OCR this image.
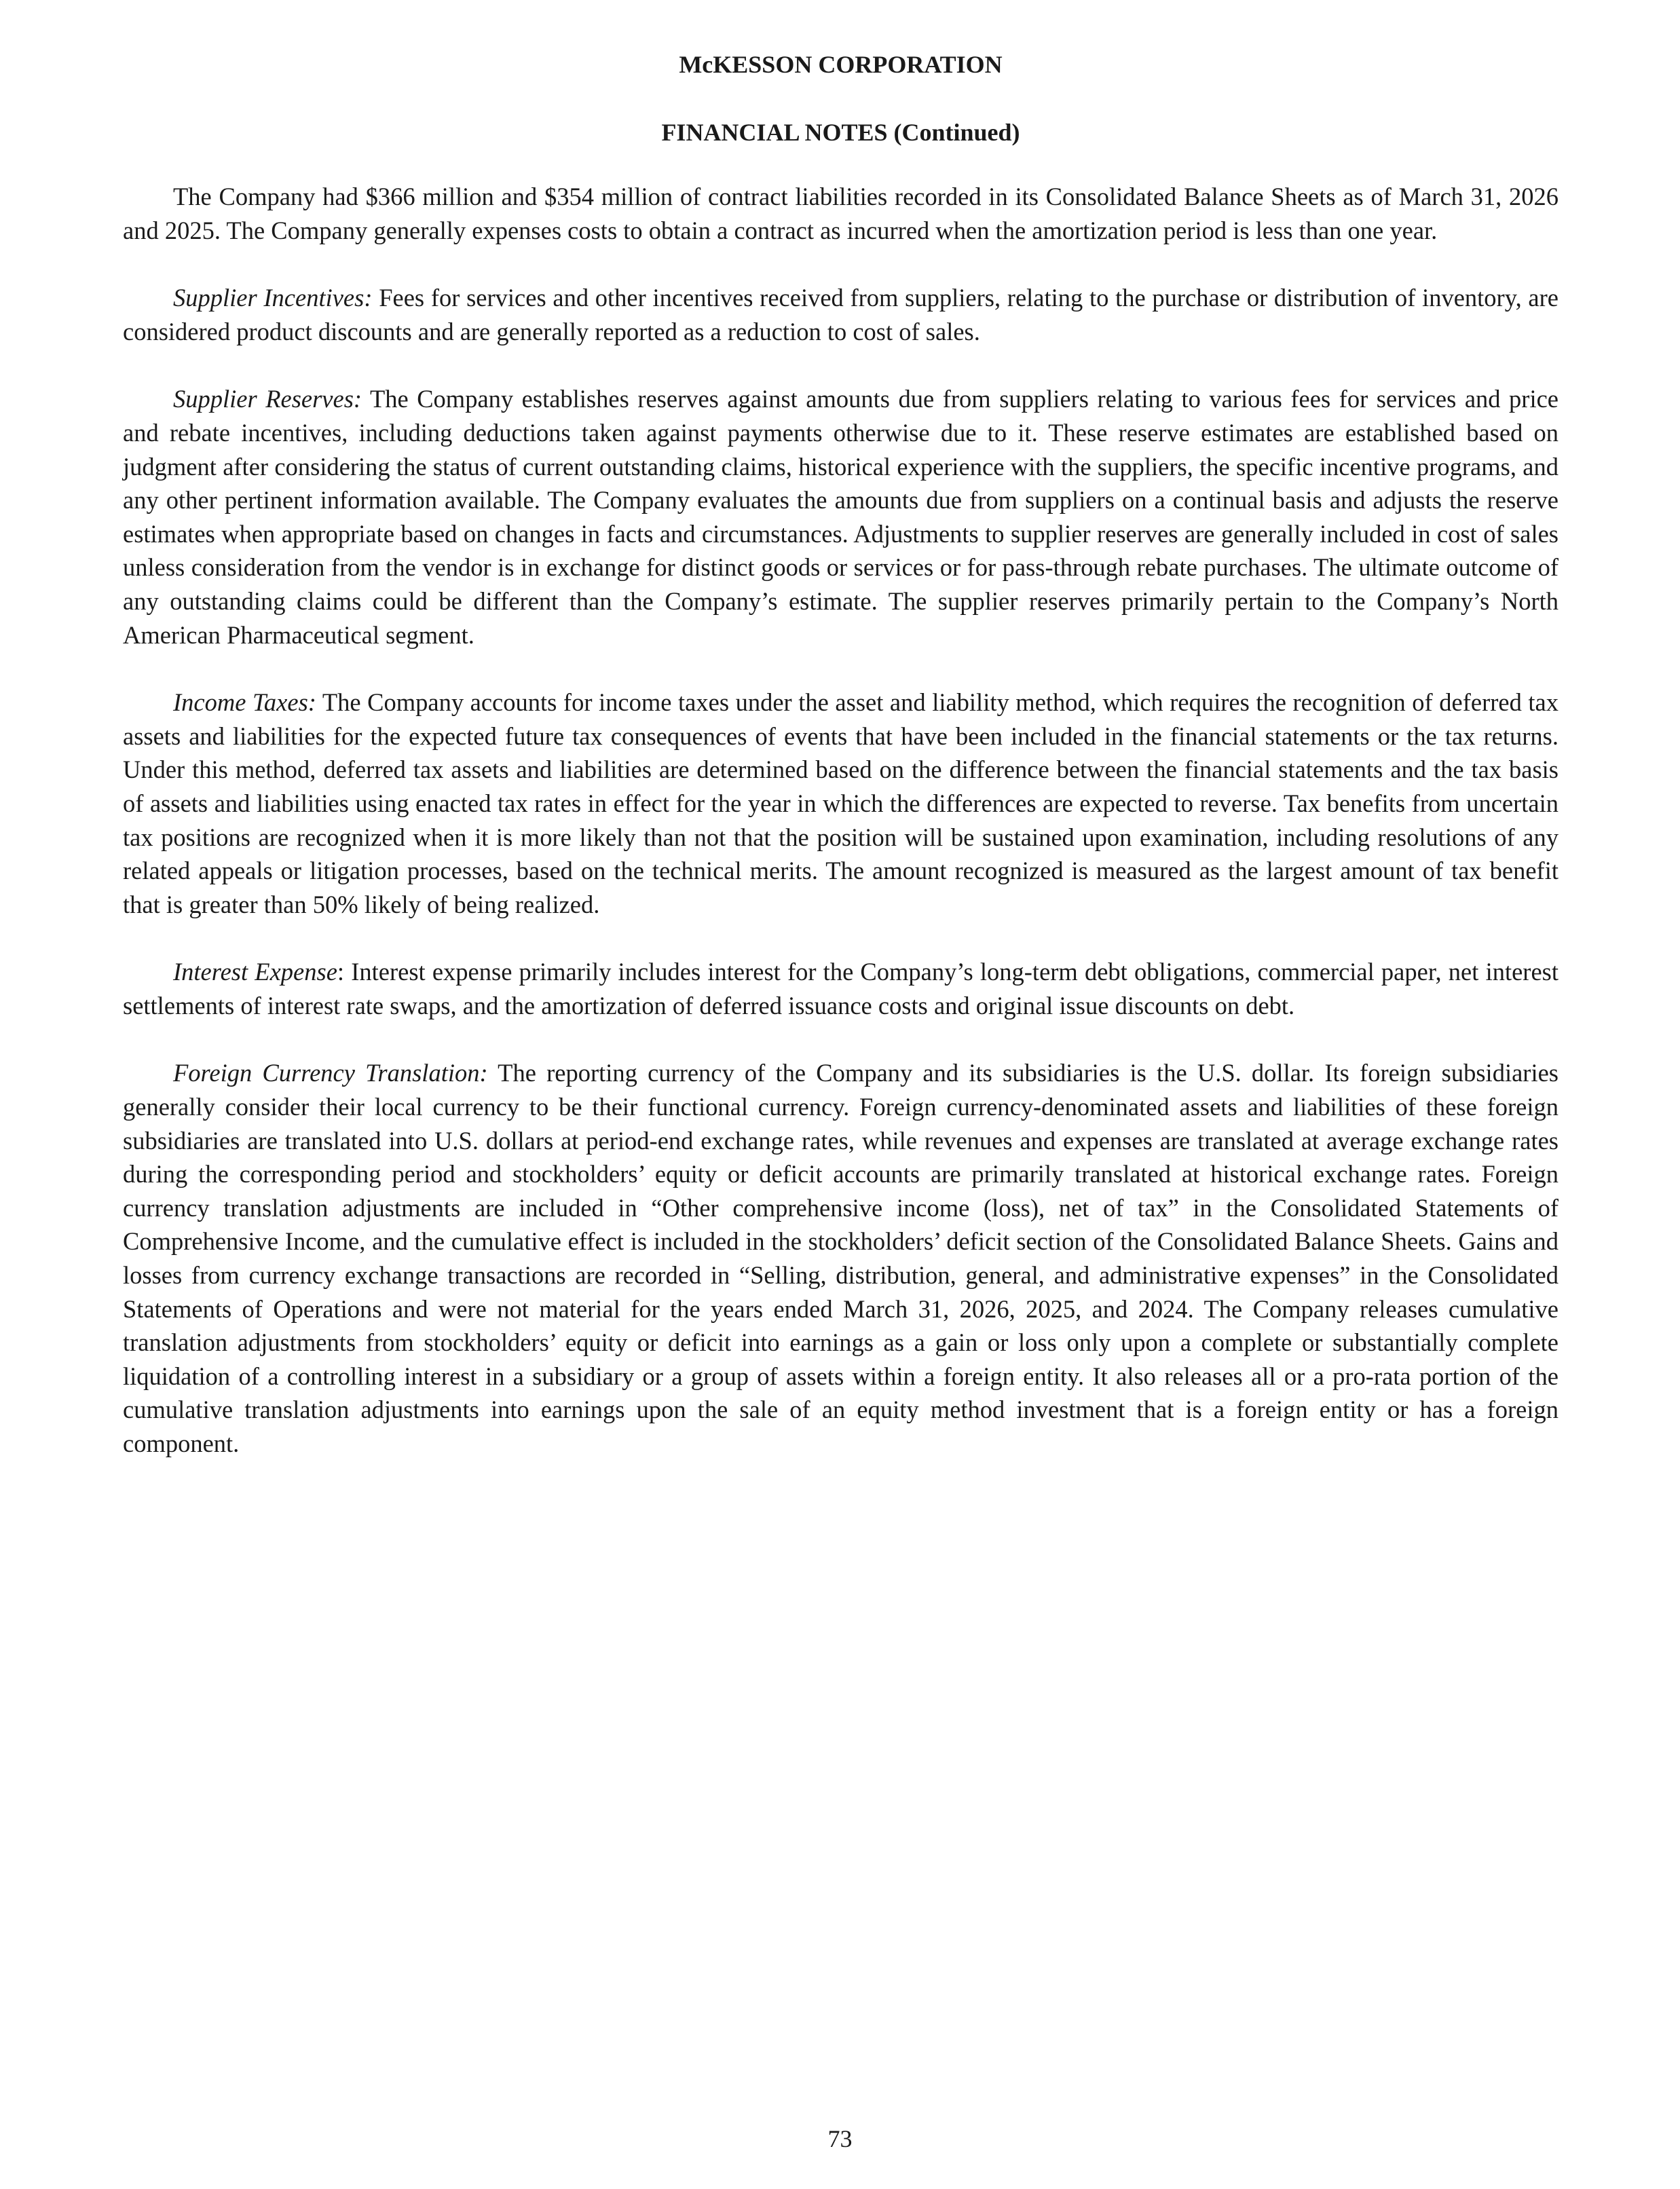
McKESSON CORPORATION
FINANCIAL NOTES (Continued)

The Company had $366 million and $354 million of contract liabilities recorded in its Consolidated Balance Sheets as of March 31, 2026 and 2025. The Company generally expenses costs to obtain a contract as incurred when the amortization period is less than one year.

Supplier Incentives: Fees for services and other incentives received from suppliers, relating to the purchase or distribution of inventory, are considered product discounts and are generally reported as a reduction to cost of sales.

Supplier Reserves: The Company establishes reserves against amounts due from suppliers relating to various fees for services and price and rebate incentives, including deductions taken against payments otherwise due to it. These reserve estimates are established based on judgment after considering the status of current outstanding claims, historical experience with the suppliers, the specific incentive programs, and any other pertinent information available. The Company evaluates the amounts due from suppliers on a continual basis and adjusts the reserve estimates when appropriate based on changes in facts and circumstances. Adjustments to supplier reserves are generally included in cost of sales unless consideration from the vendor is in exchange for distinct goods or services or for pass-through rebate purchases. The ultimate outcome of any outstanding claims could be different than the Company’s estimate. The supplier reserves primarily pertain to the Company’s North American Pharmaceutical segment.

Income Taxes: The Company accounts for income taxes under the asset and liability method, which requires the recognition of deferred tax assets and liabilities for the expected future tax consequences of events that have been included in the financial statements or the tax returns. Under this method, deferred tax assets and liabilities are determined based on the difference between the financial statements and the tax basis of assets and liabilities using enacted tax rates in effect for the year in which the differences are expected to reverse. Tax benefits from uncertain tax positions are recognized when it is more likely than not that the position will be sustained upon examination, including resolutions of any related appeals or litigation processes, based on the technical merits. The amount recognized is measured as the largest amount of tax benefit that is greater than 50% likely of being realized.

Interest Expense: Interest expense primarily includes interest for the Company’s long-term debt obligations, commercial paper, net interest settlements of interest rate swaps, and the amortization of deferred issuance costs and original issue discounts on debt.

Foreign Currency Translation: The reporting currency of the Company and its subsidiaries is the U.S. dollar. Its foreign subsidiaries generally consider their local currency to be their functional currency. Foreign currency-denominated assets and liabilities of these foreign subsidiaries are translated into U.S. dollars at period-end exchange rates, while revenues and expenses are translated at average exchange rates during the corresponding period and stockholders’ equity or deficit accounts are primarily translated at historical exchange rates. Foreign currency translation adjustments are included in “Other comprehensive income (loss), net of tax” in the Consolidated Statements of Comprehensive Income, and the cumulative effect is included in the stockholders’ deficit section of the Consolidated Balance Sheets. Gains and losses from currency exchange transactions are recorded in “Selling, distribution, general, and administrative expenses” in the Consolidated Statements of Operations and were not material for the years ended March 31, 2026, 2025, and 2024. The Company releases cumulative translation adjustments from stockholders’ equity or deficit into earnings as a gain or loss only upon a complete or substantially complete liquidation of a controlling interest in a subsidiary or a group of assets within a foreign entity. It also releases all or a pro-rata portion of the cumulative translation adjustments into earnings upon the sale of an equity method investment that is a foreign entity or has a foreign component.

73
